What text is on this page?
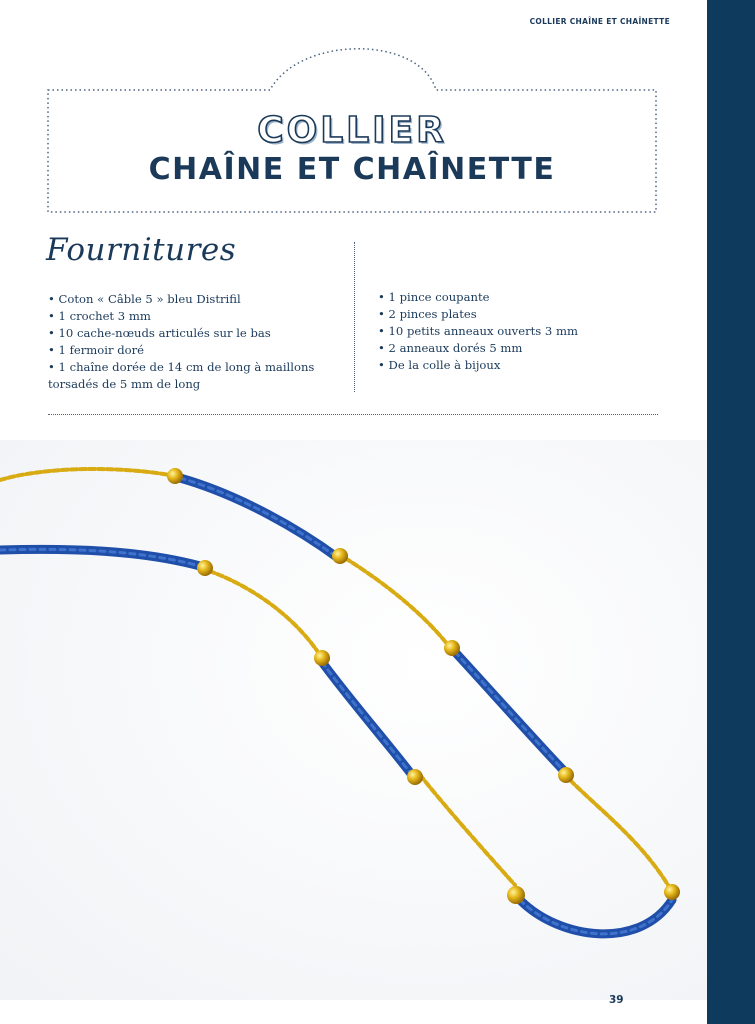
COLLIER CHAÎNE ET CHAÎNETTE
COLLIER
CHAÎNE ET CHAÎNETTE
Fournitures
• Coton « Câble 5 » bleu Distrifil
• 1 crochet 3 mm
• 10 cache-nœuds articulés sur le bas
• 1 fermoir doré
• 1 chaîne dorée de 14 cm de long à maillons torsadés de 5 mm de long
• 1 pince coupante
• 2 pinces plates
• 10 petits anneaux ouverts 3 mm
• 2 anneaux dorés 5 mm
• De la colle à bijoux
39
